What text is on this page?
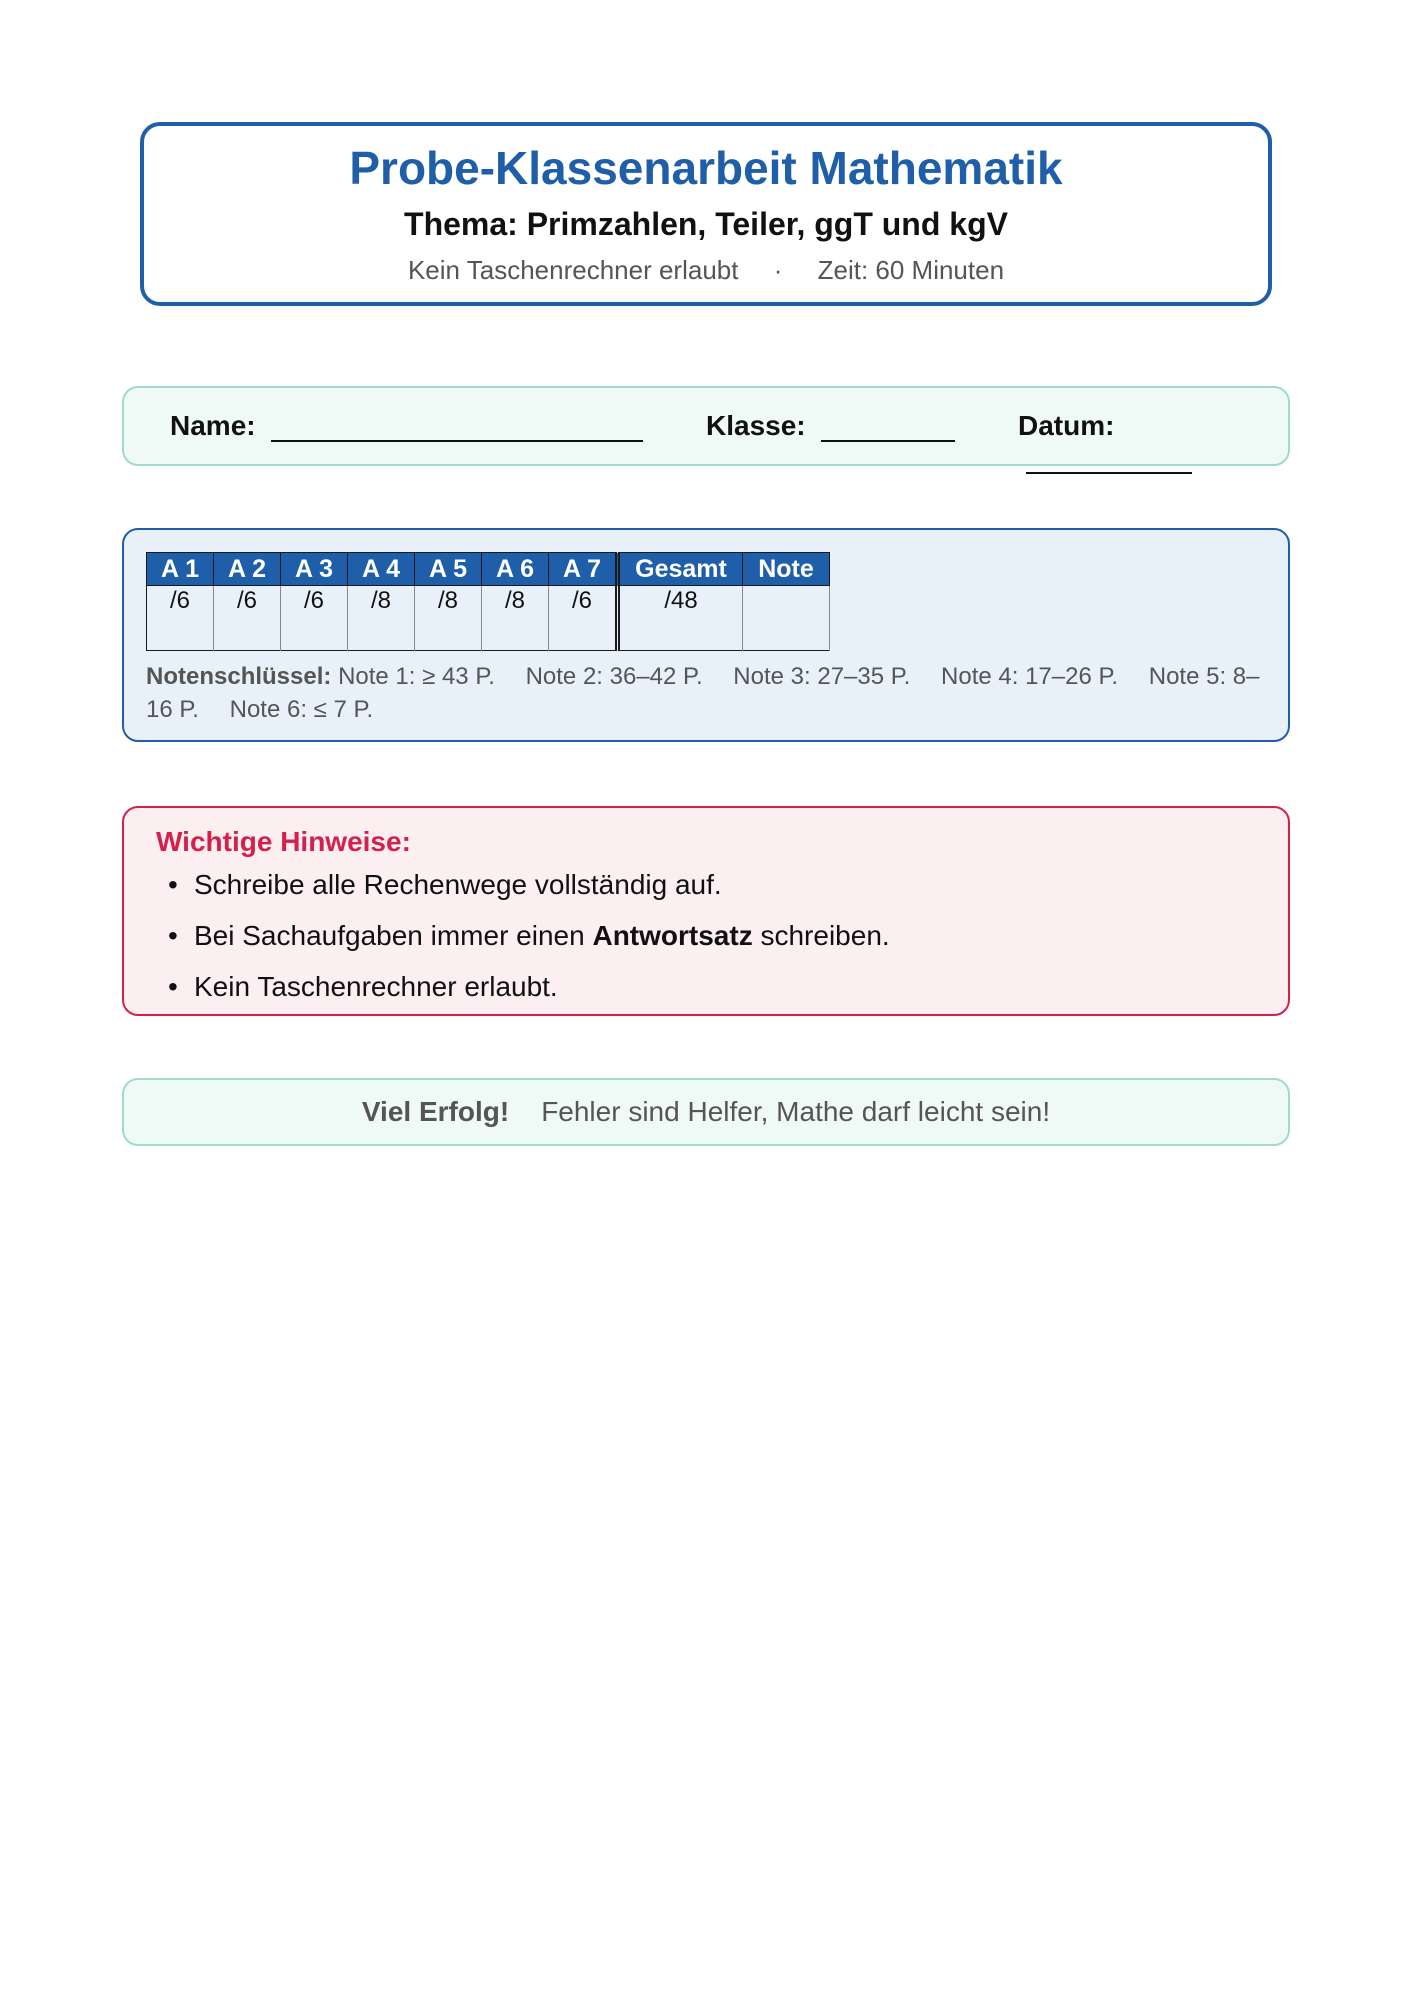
Probe-Klassenarbeit Mathematik
Thema: Primzahlen, Teiler, ggT und kgV
Kein Taschenrechner erlaubt · Zeit: 60 Minuten
Name:	Klasse:	Datum:
A 1	A 2	A 3	A 4	A 5	A 6	A 7	Gesamt	Note
/6	/6	/6	/8	/8	/8	/6	/48	
Notenschlüssel: Note 1: ≥ 43 P. Note 2: 36–42 P. Note 3: 27–35 P. Note 4: 17–26 P. Note 5: 8–16 P. Note 6: ≤ 7 P.
Wichtige Hinweise:
• Schreibe alle Rechenwege vollständig auf.
• Bei Sachaufgaben immer einen Antwortsatz schreiben.
• Kein Taschenrechner erlaubt.
Viel Erfolg! Fehler sind Helfer, Mathe darf leicht sein!
